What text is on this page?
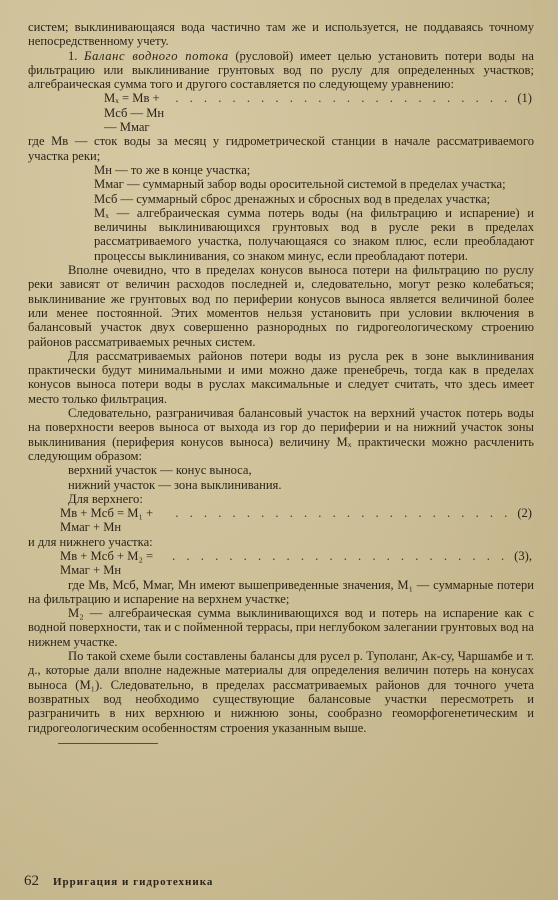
систем; выклинивающаяся вода частично там же и используется, не поддаваясь точному непосредственному учету.

1. Баланс водного потока (русловой) имеет целью установить потери воды на фильтрацию или выклинивание грунтовых вод по руслу для определенных участков; алгебраическая сумма того и другого составляется по следующему уравнению:

Mₓ = Mв + Mсб — Mн — Mмаг
. . . . . . . . . . . . . . . . . . . . . . . . (1)

где Mв — сток воды за месяц у гидрометрической станции в начале рассматриваемого участка реки;

Mн — то же в конце участка;

Mмаг — суммарный забор воды оросительной системой в пределах участка;

Mсб — суммарный сброс дренажных и сбросных вод в пределах участка;

Mₓ — алгебраическая сумма потерь воды (на фильтрацию и испарение) и величины выклинивающихся грунтовых вод в русле реки в пределах рассматриваемого участка, получающаяся со знаком плюс, если преобладают процессы выклинивания, со знаком минус, если преобладают потери.

Вполне очевидно, что в пределах конусов выноса потери на фильтрацию по руслу реки зависят от величин расходов последней и, следовательно, могут резко колебаться; выклинивание же грунтовых вод по периферии конусов выноса является величиной более или менее постоянной. Этих моментов нельзя установить при условии включения в балансовый участок двух совершенно разнородных по гидрогеологическому строению районов рассматриваемых речных систем.

Для рассматриваемых районов потери воды из русла рек в зоне выклинивания практически будут минимальными и ими можно даже пренебречь, тогда как в пределах конусов выноса потери воды в руслах максимальные и следует считать, что здесь имеет место только фильтрация.

Следовательно, разграничивая балансовый участок на верхний участок потерь воды на поверхности вееров выноса от выхода из гор до периферии и на нижний участок зоны выклинивания (периферия конусов выноса) величину Mₓ практически можно расчленить следующим образом:

верхний участок — конус выноса,

нижний участок — зона выклинивания.

Для верхнего:

Mв + Mсб = M₁ + Mмаг + Mн
. . . . . . . . . . . . . . . . . . . . . . . . (2)

и для нижнего участка:

Mв + Mсб + M₂ = Mмаг + Mн
. . . . . . . . . . . . . . . . . . . . . . . . (3),

где Mв, Mсб, Mмаг, Mн имеют вышеприведенные значения, M₁ — суммарные потери на фильтрацию и испарение на верхнем участке;

M₂ — алгебраическая сумма выклинивающихся вод и потерь на испарение как с водной поверхности, так и с пойменной террасы, при неглубоком залегании грунтовых вод на нижнем участке.

По такой схеме были составлены балансы для русел р. Туполанг, Ак-су, Чаршамбе и т. д., которые дали вполне надежные материалы для определения величин потерь на конусах выноса (M₁). Следовательно, в пределах рассматриваемых районов для точного учета возвратных вод необходимо существующие балансовые участки пересмотреть и разграничить в них верхнюю и нижнюю зоны, сообразно геоморфогенетическим и гидрогеологическим особенностям строения указанным выше.

62 Ирригация и гидротехника
